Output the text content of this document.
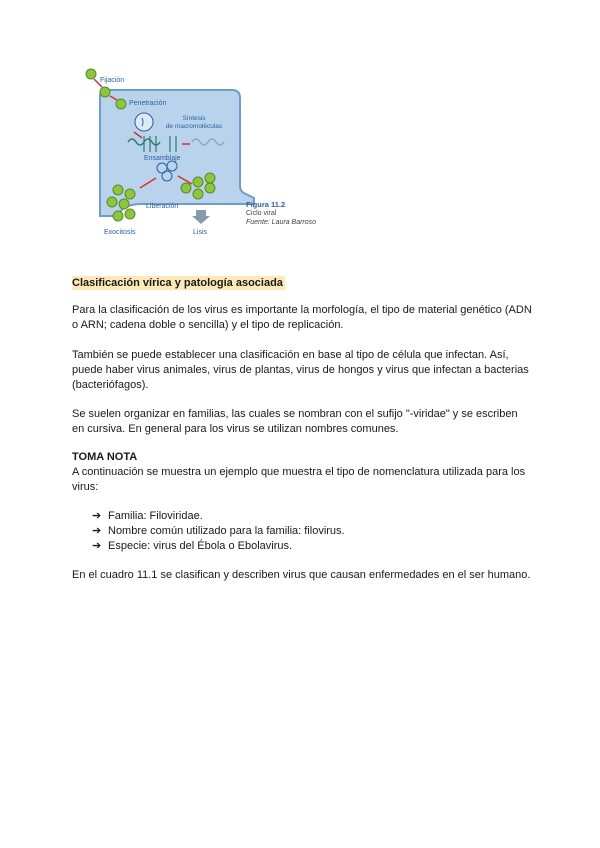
Fijación
Penetración
Síntesis
de macromoléculas
Ensamblaje
Exocitosis
Liberación
Lisis
Figura 11.2
Ciclo viral
Fuente: Laura Barroso
Clasificación vírica y patología asociada
Para la clasificación de los virus es importante la morfología, el tipo de material genético (ADN o ARN; cadena doble o sencilla) y el tipo de replicación.
También se puede establecer una clasificación en base al tipo de célula que infectan. Así, puede haber virus animales, virus de plantas, virus de hongos y virus que infectan a bacterias (bacteriófagos).
Se suelen organizar en familias, las cuales se nombran con el sufijo "-viridae" y se escriben en cursiva. En general para los virus se utilizan nombres comunes.
TOMA NOTA
A continuación se muestra un ejemplo que muestra el tipo de nomenclatura utilizada para los virus:
➔ Familia: Filoviridae.
➔ Nombre común utilizado para la familia: filovirus.
➔ Especie: virus del Ébola o Ebolavirus.
En el cuadro 11.1 se clasifican y describen virus que causan enfermedades en el ser humano.
